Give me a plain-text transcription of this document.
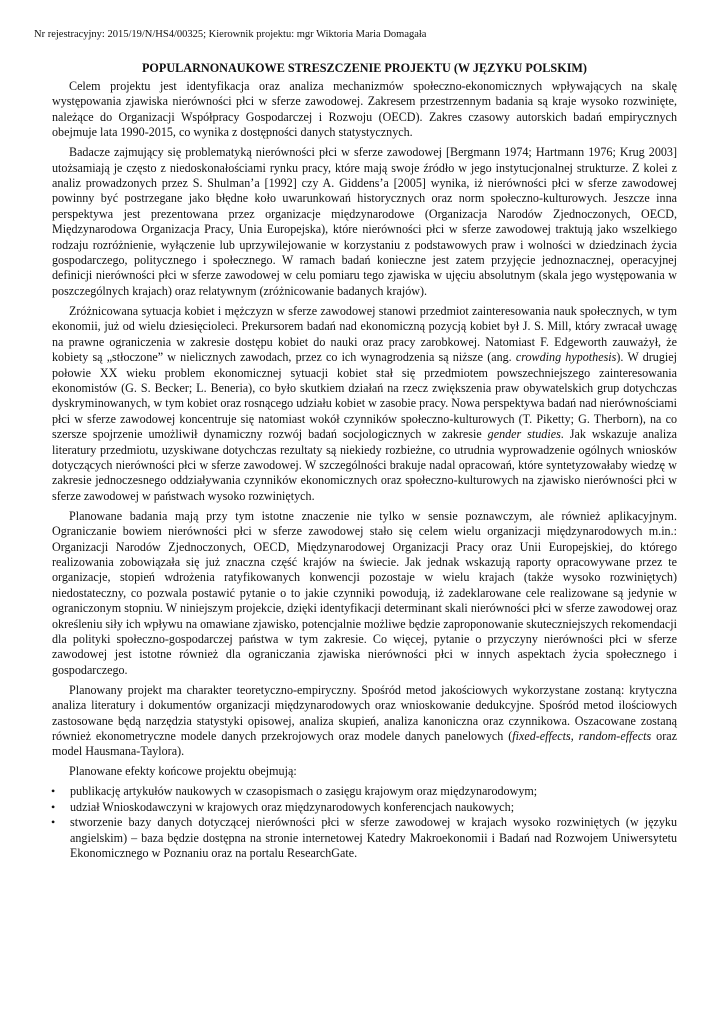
Nr rejestracyjny: 2015/19/N/HS4/00325; Kierownik projektu: mgr Wiktoria Maria Domagała
POPULARNONAUKOWE STRESZCZENIE PROJEKTU (W JĘZYKU POLSKIM)

Celem projektu jest identyfikacja oraz analiza mechanizmów społeczno-ekonomicznych wpływających na skalę występowania zjawiska nierówności płci w sferze zawodowej. Zakresem przestrzennym badania są kraje wysoko rozwinięte, należące do Organizacji Współpracy Gospodarczej i Rozwoju (OECD). Zakres czasowy autorskich badań empirycznych obejmuje lata 1990-2015, co wynika z dostępności danych statystycznych.

Badacze zajmujący się problematyką nierówności płci w sferze zawodowej [Bergmann 1974; Hartmann 1976; Krug 2003] utożsamiają je często z niedoskonałościami rynku pracy, które mają swoje źródło w jego instytucjonalnej strukturze. Z kolei z analiz prowadzonych przez S. Shulman’a [1992] czy A. Giddens’a [2005] wynika, iż nierówności płci w sferze zawodowej powinny być postrzegane jako błędne koło uwarunkowań historycznych oraz norm społeczno-kulturowych. Jeszcze inna perspektywa jest prezentowana przez organizacje międzynarodowe (Organizacja Narodów Zjednoczonych, OECD, Międzynarodowa Organizacja Pracy, Unia Europejska), które nierówności płci w sferze zawodowej traktują jako wszelkiego rodzaju rozróżnienie, wyłączenie lub uprzywilejowanie w korzystaniu z podstawowych praw i wolności w dziedzinach życia gospodarczego, politycznego i społecznego. W ramach badań konieczne jest zatem przyjęcie jednoznacznej, operacyjnej definicji nierówności płci w sferze zawodowej w celu pomiaru tego zjawiska w ujęciu absolutnym (skala jego występowania w poszczególnych krajach) oraz relatywnym (zróżnicowanie badanych krajów).

Zróżnicowana sytuacja kobiet i mężczyzn w sferze zawodowej stanowi przedmiot zainteresowania nauk społecznych, w tym ekonomii, już od wielu dziesięcioleci. Prekursorem badań nad ekonomiczną pozycją kobiet był J. S. Mill, który zwracał uwagę na prawne ograniczenia w zakresie dostępu kobiet do nauki oraz pracy zarobkowej. Natomiast F. Edgeworth zauważył, że kobiety są „stłoczone” w nielicznych zawodach, przez co ich wynagrodzenia są niższe (ang. crowding hypothesis). W drugiej połowie XX wieku problem ekonomicznej sytuacji kobiet stał się przedmiotem powszechniejszego zainteresowania ekonomistów (G. S. Becker; L. Beneria), co było skutkiem działań na rzecz zwiększenia praw obywatelskich grup dotychczas dyskryminowanych, w tym kobiet oraz rosnącego udziału kobiet w zasobie pracy. Nowa perspektywa badań nad nierównościami płci w sferze zawodowej koncentruje się natomiast wokół czynników społeczno-kulturowych (T. Piketty; G. Therborn), na co szersze spojrzenie umożliwił dynamiczny rozwój badań socjologicznych w zakresie gender studies. Jak wskazuje analiza literatury przedmiotu, uzyskiwane dotychczas rezultaty są niekiedy rozbieżne, co utrudnia wyprowadzenie ogólnych wniosków dotyczących nierówności płci w sferze zawodowej. W szczególności brakuje nadal opracowań, które syntetyzowałaby wiedzę w zakresie jednoczesnego oddziaływania czynników ekonomicznych oraz społeczno-kulturowych na zjawisko nierówności płci w sferze zawodowej w państwach wysoko rozwiniętych.

Planowane badania mają przy tym istotne znaczenie nie tylko w sensie poznawczym, ale również aplikacyjnym. Ograniczanie bowiem nierówności płci w sferze zawodowej stało się celem wielu organizacji międzynarodowych m.in.: Organizacji Narodów Zjednoczonych, OECD, Międzynarodowej Organizacji Pracy oraz Unii Europejskiej, do którego realizowania zobowiązała się już znaczna część krajów na świecie. Jak jednak wskazują raporty opracowywane przez te organizacje, stopień wdrożenia ratyfikowanych konwencji pozostaje w wielu krajach (także wysoko rozwiniętych) niedostateczny, co pozwala postawić pytanie o to jakie czynniki powodują, iż zadeklarowane cele realizowane są jedynie w ograniczonym stopniu. W niniejszym projekcie, dzięki identyfikacji determinant skali nierówności płci w sferze zawodowej oraz określeniu siły ich wpływu na omawiane zjawisko, potencjalnie możliwe będzie zaproponowanie skuteczniejszych rekomendacji dla polityki społeczno-gospodarczej państwa w tym zakresie. Co więcej, pytanie o przyczyny nierówności płci w sferze zawodowej jest istotne również dla ograniczania zjawiska nierówności płci w innych aspektach życia społecznego i gospodarczego.

Planowany projekt ma charakter teoretyczno-empiryczny. Spośród metod jakościowych wykorzystane zostaną: krytyczna analiza literatury i dokumentów organizacji międzynarodowych oraz wnioskowanie dedukcyjne. Spośród metod ilościowych zastosowane będą narzędzia statystyki opisowej, analiza skupień, analiza kanoniczna oraz czynnikowa. Oszacowane zostaną również ekonometryczne modele danych przekrojowych oraz modele danych panelowych (fixed-effects, random-effects oraz model Hausmana-Taylora).

Planowane efekty końcowe projektu obejmują:

• publikację artykułów naukowych w czasopismach o zasięgu krajowym oraz międzynarodowym;
• udział Wnioskodawczyni w krajowych oraz międzynarodowych konferencjach naukowych;
• stworzenie bazy danych dotyczącej nierówności płci w sferze zawodowej w krajach wysoko rozwiniętych (w języku angielskim) – baza będzie dostępna na stronie internetowej Katedry Makroekonomii i Badań nad Rozwojem Uniwersytetu Ekonomicznego w Poznaniu oraz na portalu ResearchGate.
